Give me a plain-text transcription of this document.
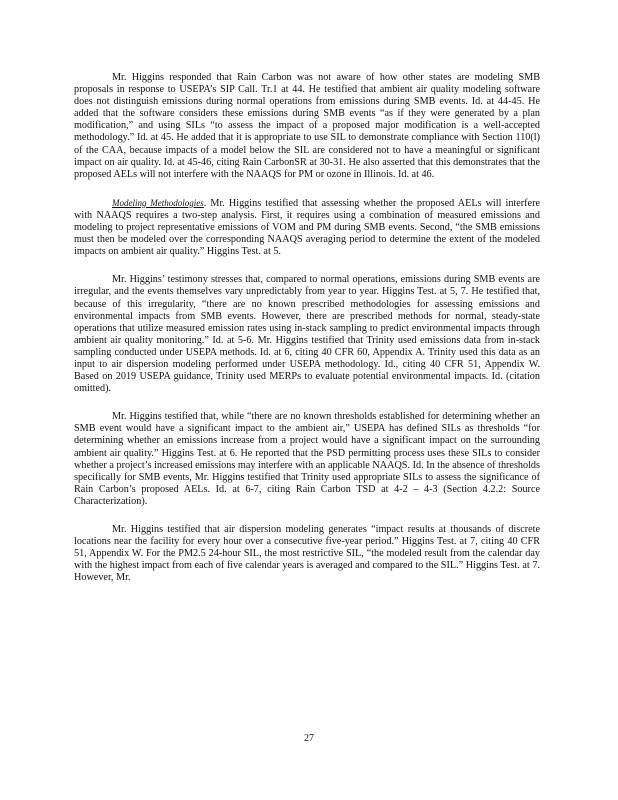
Mr. Higgins responded that Rain Carbon was not aware of how other states are modeling SMB proposals in response to USEPA’s SIP Call. Tr.1 at 44. He testified that ambient air quality modeling software does not distinguish emissions during normal operations from emissions during SMB events. Id. at 44-45. He added that the software considers these emissions during SMB events “as if they were generated by a plan modification,” and using SILs “to assess the impact of a proposed major modification is a well-accepted methodology.” Id. at 45. He added that it is appropriate to use SIL to demonstrate compliance with Section 110(l) of the CAA, because impacts of a model below the SIL are considered not to have a meaningful or significant impact on air quality. Id. at 45-46, citing Rain CarbonSR at 30-31. He also asserted that this demonstrates that the proposed AELs will not interfere with the NAAQS for PM or ozone in Illinois. Id. at 46.

Modeling Methodologies. Mr. Higgins testified that assessing whether the proposed AELs will interfere with NAAQS requires a two-step analysis. First, it requires using a combination of measured emissions and modeling to project representative emissions of VOM and PM during SMB events. Second, “the SMB emissions must then be modeled over the corresponding NAAQS averaging period to determine the extent of the modeled impacts on ambient air quality.” Higgins Test. at 5.

Mr. Higgins’ testimony stresses that, compared to normal operations, emissions during SMB events are irregular, and the events themselves vary unpredictably from year to year. Higgins Test. at 5, 7. He testified that, because of this irregularity, “there are no known prescribed methodologies for assessing emissions and environmental impacts from SMB events. However, there are prescribed methods for normal, steady-state operations that utilize measured emission rates using in-stack sampling to predict environmental impacts through ambient air quality monitoring.” Id. at 5-6. Mr. Higgins testified that Trinity used emissions data from in-stack sampling conducted under USEPA methods. Id. at 6, citing 40 CFR 60, Appendix A. Trinity used this data as an input to air dispersion modeling performed under USEPA methodology. Id., citing 40 CFR 51, Appendix W. Based on 2019 USEPA guidance, Trinity used MERPs to evaluate potential environmental impacts. Id. (citation omitted).

Mr. Higgins testified that, while “there are no known thresholds established for determining whether an SMB event would have a significant impact to the ambient air,” USEPA has defined SILs as thresholds “for determining whether an emissions increase from a project would have a significant impact on the surrounding ambient air quality.” Higgins Test. at 6. He reported that the PSD permitting process uses these SILs to consider whether a project’s increased emissions may interfere with an applicable NAAQS. Id. In the absence of thresholds specifically for SMB events, Mr. Higgins testified that Trinity used appropriate SILs to assess the significance of Rain Carbon’s proposed AELs. Id. at 6-7, citing Rain Carbon TSD at 4-2 – 4-3 (Section 4.2.2: Source Characterization).

Mr. Higgins testified that air dispersion modeling generates “impact results at thousands of discrete locations near the facility for every hour over a consecutive five-year period.” Higgins Test. at 7, citing 40 CFR 51, Appendix W. For the PM2.5 24-hour SIL, the most restrictive SIL, “the modeled result from the calendar day with the highest impact from each of five calendar years is averaged and compared to the SIL.” Higgins Test. at 7. However, Mr.

27
